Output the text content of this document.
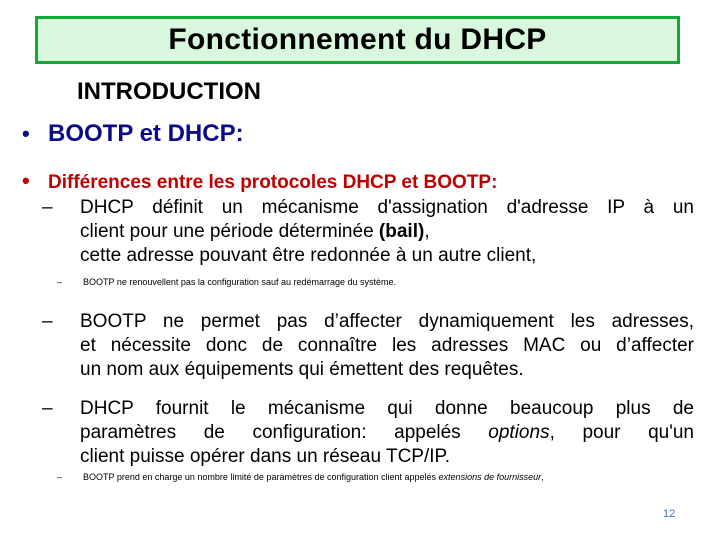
Fonctionnement du DHCP
INTRODUCTION
• BOOTP et DHCP:
• Différences entre les protocoles DHCP et BOOTP:
–	DHCP définit un mécanisme d'assignation d'adresse IP à un
client pour une période déterminée (bail),
cette adresse pouvant être redonnée à un autre client,
–	BOOTP ne renouvellent pas la configuration sauf au redémarrage du système.
–	BOOTP ne permet pas d’affecter dynamiquement les adresses,
et nécessite donc de connaître les adresses MAC ou d’affecter
un nom aux équipements qui émettent des requêtes.
–	DHCP fournit le mécanisme qui donne beaucoup plus de
paramètres de configuration: appelés options, pour qu'un
client puisse opérer dans un réseau TCP/IP.
–	BOOTP prend en charge un nombre limité de paramètres de configuration client appelés extensions de fournisseur,
12
